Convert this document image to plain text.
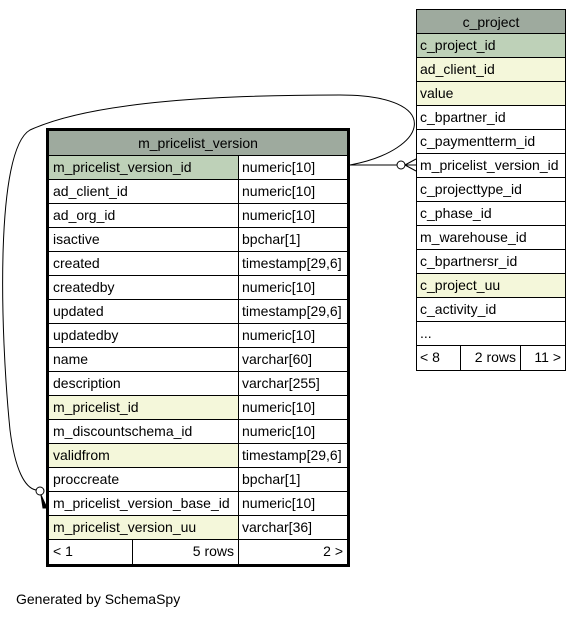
c_project
c_project_id
ad_client_id
value
c_bpartner_id
c_paymentterm_id
m_pricelist_version_id
c_projecttype_id
c_phase_id
m_warehouse_id
c_bpartnersr_id
c_project_uu
c_activity_id
...
< 8	2 rows	11 >
m_pricelist_version
m_pricelist_version_id	numeric[10]
ad_client_id	numeric[10]
ad_org_id	numeric[10]
isactive	bpchar[1]
created	timestamp[29,6]
createdby	numeric[10]
updated	timestamp[29,6]
updatedby	numeric[10]
name	varchar[60]
description	varchar[255]
m_pricelist_id	numeric[10]
m_discountschema_id	numeric[10]
validfrom	timestamp[29,6]
proccreate	bpchar[1]
m_pricelist_version_base_id numeric[10]
m_pricelist_version_uu	varchar[36]
< 1	5 rows	2 >
Generated by SchemaSpy
